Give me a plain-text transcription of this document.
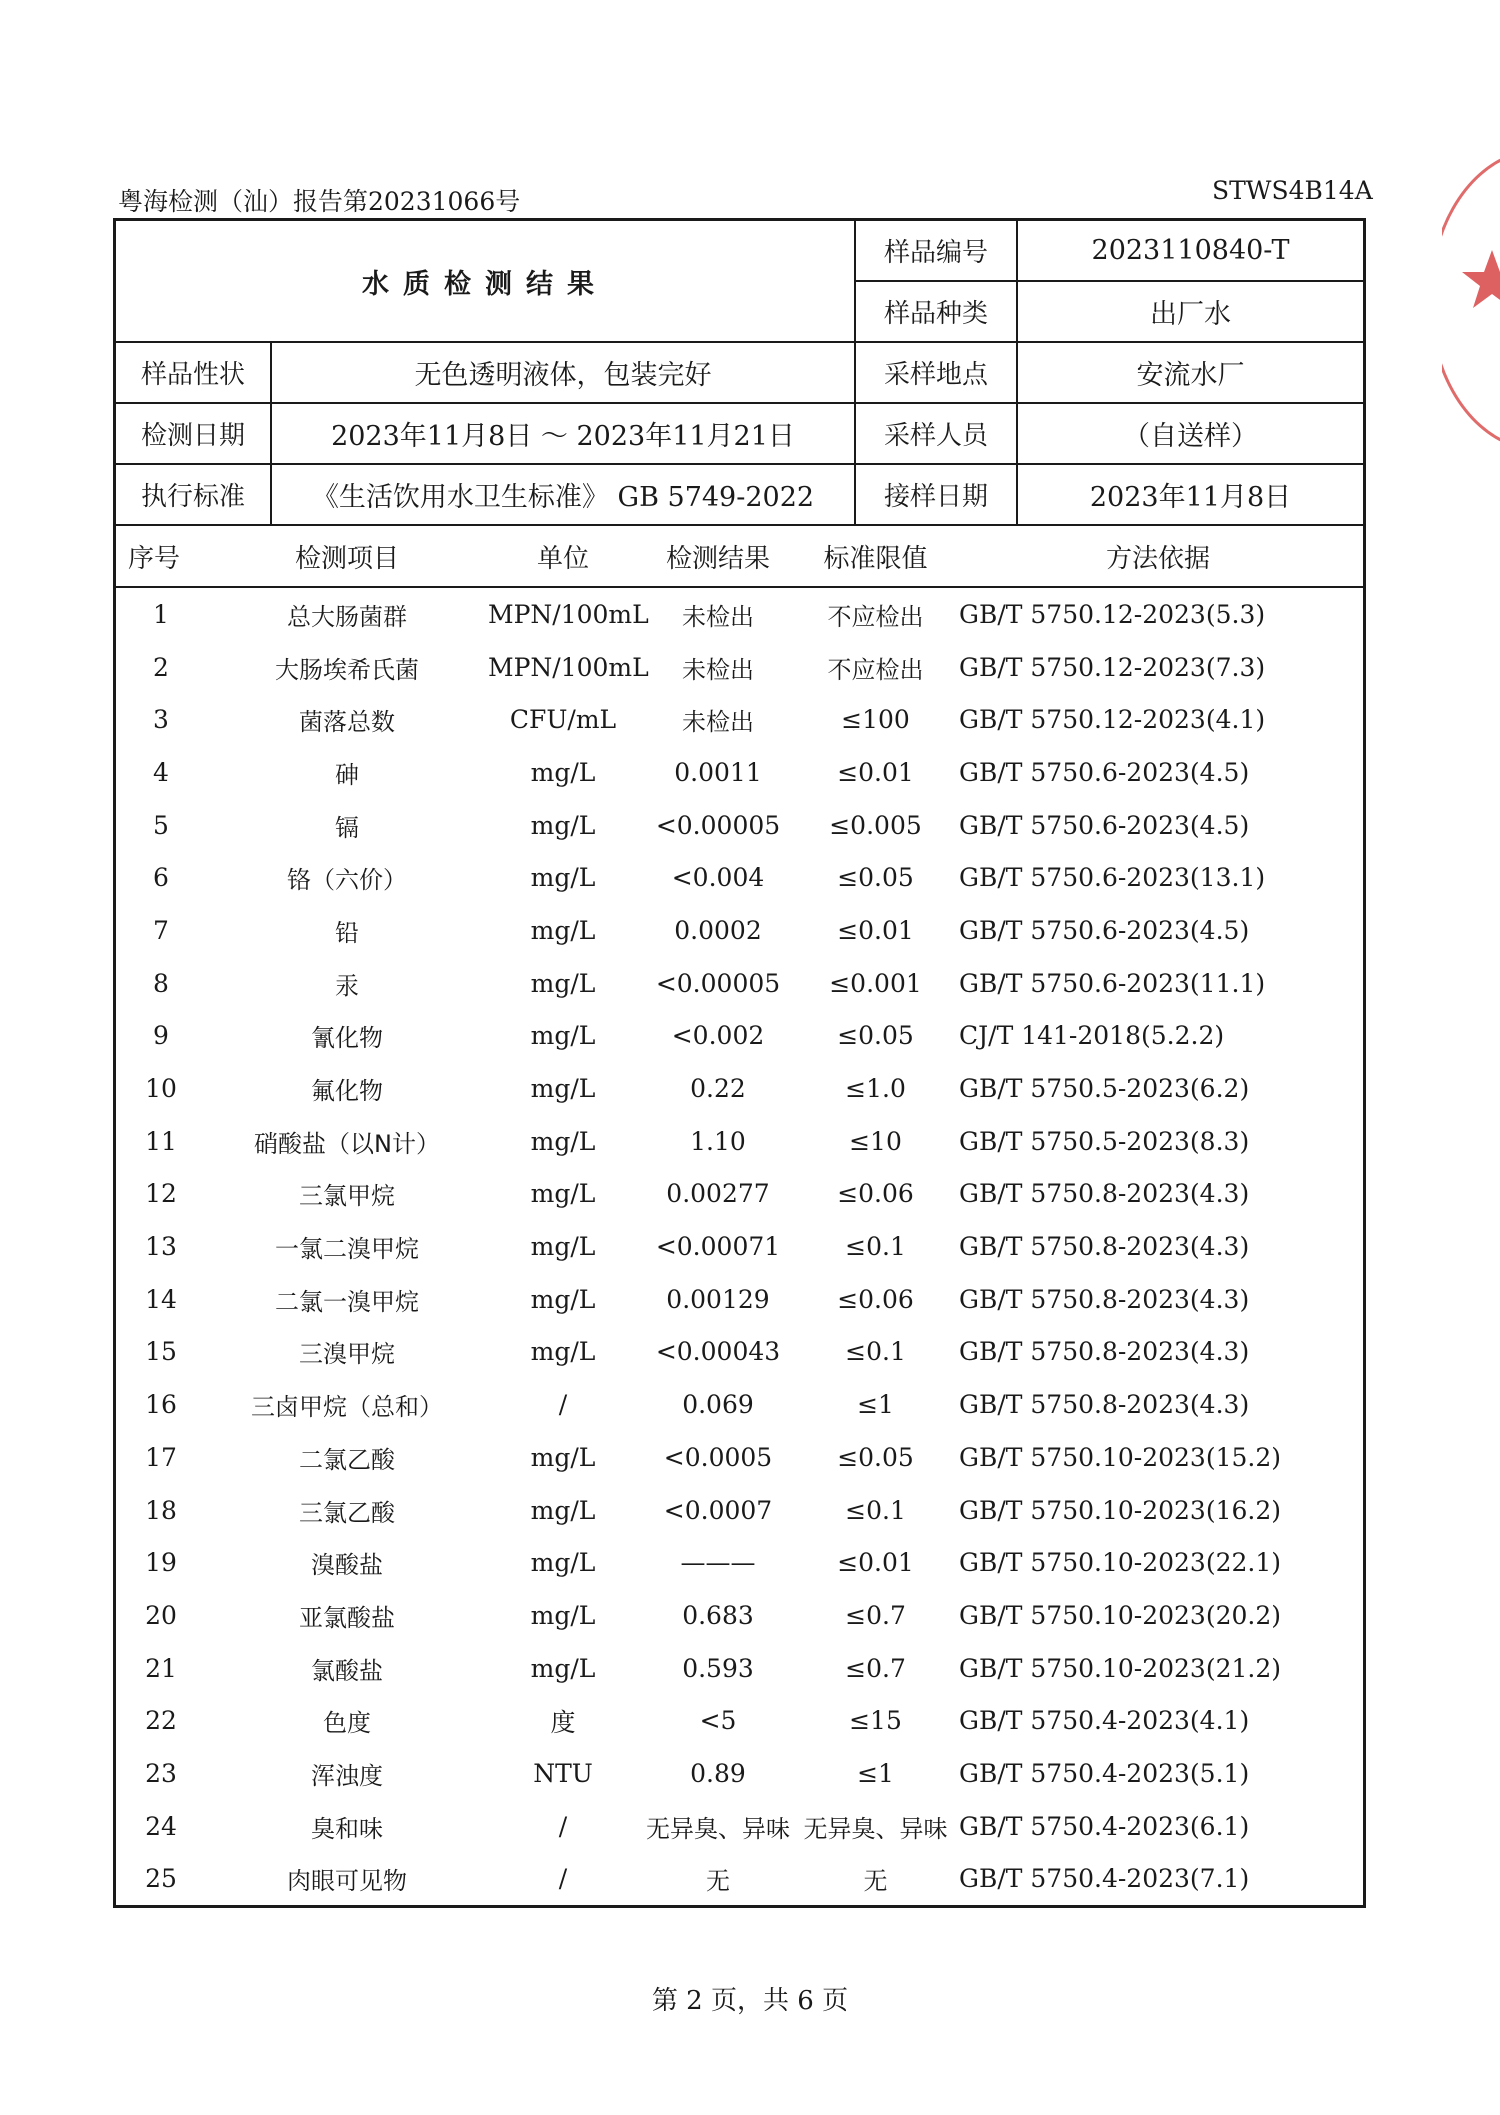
粤海检测（汕）报告第20231066号	STWS4B14A
水质检测结果		样品编号	2023110840-T
		样品种类	出厂水
样品性状	无色透明液体，包装完好	采样地点	安流水厂
检测日期	2023年11月8日 ～ 2023年11月21日	采样人员	（自送样）
执行标准	《生活饮用水卫生标准》 GB 5749-2022	接样日期	2023年11月8日
序号	检测项目	单位	检测结果	标准限值	方法依据
1	总大肠菌群	MPN/100mL	未检出	不应检出	GB/T 5750.12-2023(5.3)
2	大肠埃希氏菌	MPN/100mL	未检出	不应检出	GB/T 5750.12-2023(7.3)
3	菌落总数	CFU/mL	未检出	≤100	GB/T 5750.12-2023(4.1)
4	砷	mg/L	0.0011	≤0.01	GB/T 5750.6-2023(4.5)
5	镉	mg/L	<0.00005	≤0.005	GB/T 5750.6-2023(4.5)
6	铬（六价）	mg/L	<0.004	≤0.05	GB/T 5750.6-2023(13.1)
7	铅	mg/L	0.0002	≤0.01	GB/T 5750.6-2023(4.5)
8	汞	mg/L	<0.00005	≤0.001	GB/T 5750.6-2023(11.1)
9	氰化物	mg/L	<0.002	≤0.05	CJ/T 141-2018(5.2.2)
10	氟化物	mg/L	0.22	≤1.0	GB/T 5750.5-2023(6.2)
11	硝酸盐（以N计）	mg/L	1.10	≤10	GB/T 5750.5-2023(8.3)
12	三氯甲烷	mg/L	0.00277	≤0.06	GB/T 5750.8-2023(4.3)
13	一氯二溴甲烷	mg/L	<0.00071	≤0.1	GB/T 5750.8-2023(4.3)
14	二氯一溴甲烷	mg/L	0.00129	≤0.06	GB/T 5750.8-2023(4.3)
15	三溴甲烷	mg/L	<0.00043	≤0.1	GB/T 5750.8-2023(4.3)
16	三卤甲烷（总和）	/	0.069	≤1	GB/T 5750.8-2023(4.3)
17	二氯乙酸	mg/L	<0.0005	≤0.05	GB/T 5750.10-2023(15.2)
18	三氯乙酸	mg/L	<0.0007	≤0.1	GB/T 5750.10-2023(16.2)
19	溴酸盐	mg/L	———	≤0.01	GB/T 5750.10-2023(22.1)
20	亚氯酸盐	mg/L	0.683	≤0.7	GB/T 5750.10-2023(20.2)
21	氯酸盐	mg/L	0.593	≤0.7	GB/T 5750.10-2023(21.2)
22	色度	度	<5	≤15	GB/T 5750.4-2023(4.1)
23	浑浊度	NTU	0.89	≤1	GB/T 5750.4-2023(5.1)
24	臭和味	/	无异臭、异味	无异臭、异味	GB/T 5750.4-2023(6.1)
25	肉眼可见物	/	无	无	GB/T 5750.4-2023(7.1)
第 2 页，共 6 页
